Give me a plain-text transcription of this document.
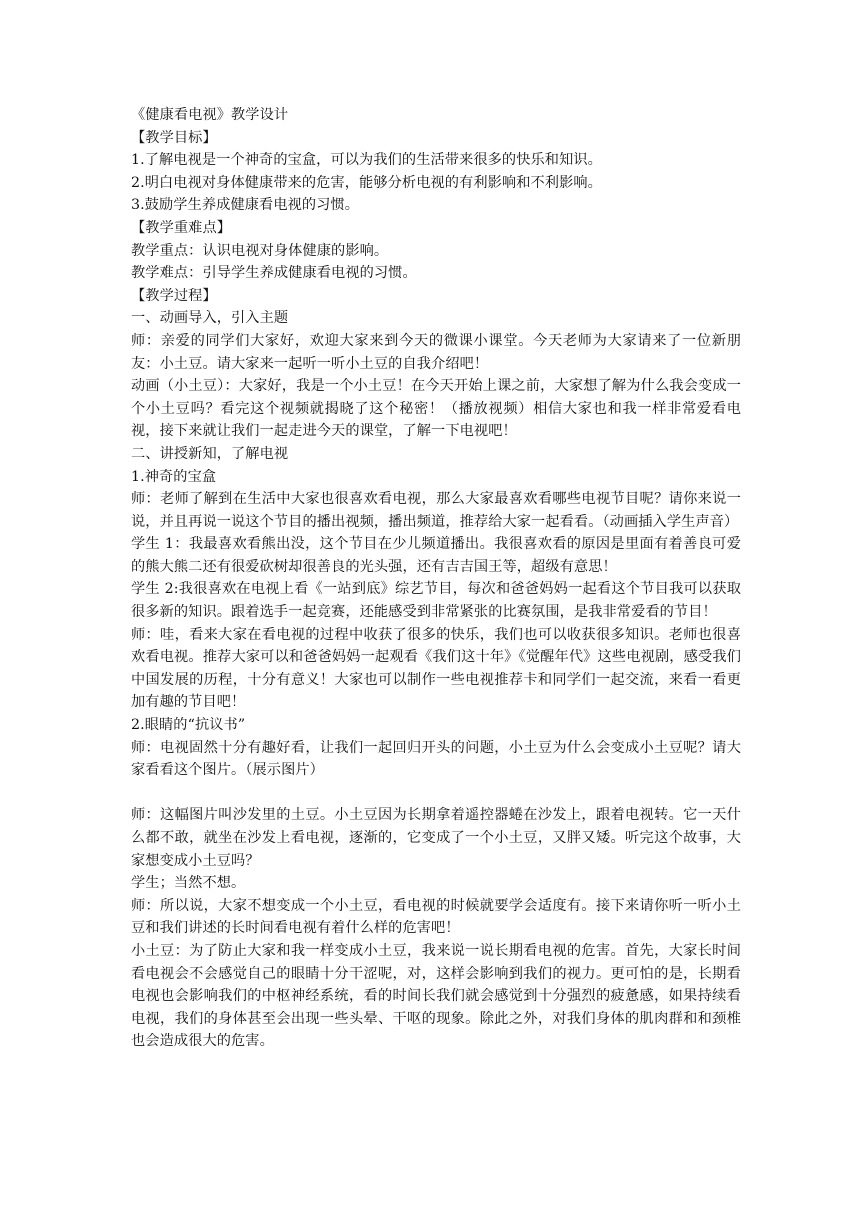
《健康看电视》教学设计

【教学目标】

1.了解电视是一个神奇的宝盒，可以为我们的生活带来很多的快乐和知识。

2.明白电视对身体健康带来的危害，能够分析电视的有利影响和不利影响。

3.鼓励学生养成健康看电视的习惯。

【教学重难点】

教学重点：认识电视对身体健康的影响。

教学难点：引导学生养成健康看电视的习惯。

【教学过程】

一、动画导入，引入主题

师：亲爱的同学们大家好，欢迎大家来到今天的微课小课堂。今天老师为大家请来了一位新朋友：小土豆。请大家来一起听一听小土豆的自我介绍吧！

动画（小土豆）：大家好，我是一个小土豆！在今天开始上课之前，大家想了解为什么我会变成一个小土豆吗？看完这个视频就揭晓了这个秘密！（播放视频）相信大家也和我一样非常爱看电视，接下来就让我们一起走进今天的课堂，了解一下电视吧！

二、讲授新知，了解电视

1.神奇的宝盒

师：老师了解到在生活中大家也很喜欢看电视，那么大家最喜欢看哪些电视节目呢？请你来说一说，并且再说一说这个节目的播出视频，播出频道，推荐给大家一起看看。（动画插入学生声音）

学生 1：我最喜欢看熊出没，这个节目在少儿频道播出。我很喜欢看的原因是里面有着善良可爱的熊大熊二还有很爱砍树却很善良的光头强，还有吉吉国王等，超级有意思！

学生 2:我很喜欢在电视上看《一站到底》综艺节目，每次和爸爸妈妈一起看这个节目我可以获取很多新的知识。跟着选手一起竞赛，还能感受到非常紧张的比赛氛围，是我非常爱看的节目！

师：哇，看来大家在看电视的过程中收获了很多的快乐，我们也可以收获很多知识。老师也很喜欢看电视。推荐大家可以和爸爸妈妈一起观看《我们这十年》《觉醒年代》这些电视剧，感受我们中国发展的历程，十分有意义！大家也可以制作一些电视推荐卡和同学们一起交流，来看一看更加有趣的节目吧！

2.眼睛的“抗议书”

师：电视固然十分有趣好看，让我们一起回归开头的问题，小土豆为什么会变成小土豆呢？请大家看看这个图片。（展示图片）

师：这幅图片叫沙发里的土豆。小土豆因为长期拿着遥控器蜷在沙发上，跟着电视转。它一天什么都不敢，就坐在沙发上看电视，逐渐的，它变成了一个小土豆，又胖又矮。听完这个故事，大家想变成小土豆吗？

学生；当然不想。

师：所以说，大家不想变成一个小土豆，看电视的时候就要学会适度有。接下来请你听一听小土豆和我们讲述的长时间看电视有着什么样的危害吧！

小土豆：为了防止大家和我一样变成小土豆，我来说一说长期看电视的危害。首先，大家长时间看电视会不会感觉自己的眼睛十分干涩呢，对，这样会影响到我们的视力。更可怕的是，长期看电视也会影响我们的中枢神经系统，看的时间长我们就会感觉到十分强烈的疲惫感，如果持续看电视，我们的身体甚至会出现一些头晕、干呕的现象。除此之外，对我们身体的肌肉群和和颈椎也会造成很大的危害。
